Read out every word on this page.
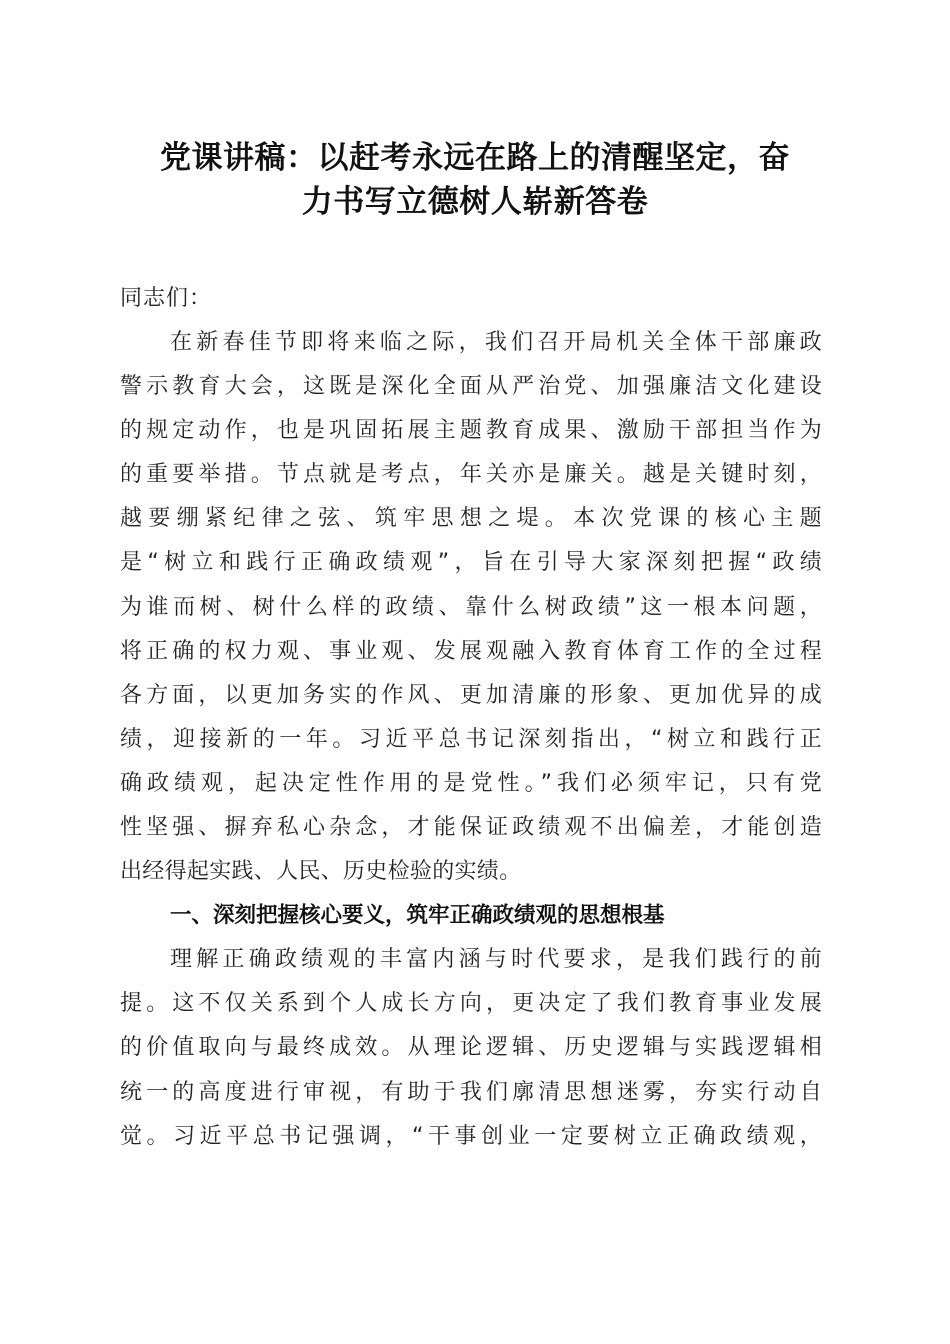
党课讲稿：以赶考永远在路上的清醒坚定，奋
力书写立德树人崭新答卷

同志们：

在新春佳节即将来临之际，我们召开局机关全体干部廉政
警示教育大会，这既是深化全面从严治党、加强廉洁文化建设
的规定动作，也是巩固拓展主题教育成果、激励干部担当作为
的重要举措。节点就是考点，年关亦是廉关。越是关键时刻，
越要绷紧纪律之弦、筑牢思想之堤。本次党课的核心主题
是“树立和践行正确政绩观”，旨在引导大家深刻把握“政绩
为谁而树、树什么样的政绩、靠什么树政绩”这一根本问题，
将正确的权力观、事业观、发展观融入教育体育工作的全过程
各方面，以更加务实的作风、更加清廉的形象、更加优异的成
绩，迎接新的一年。习近平总书记深刻指出，“树立和践行正
确政绩观，起决定性作用的是党性。”我们必须牢记，只有党
性坚强、摒弃私心杂念，才能保证政绩观不出偏差，才能创造
出经得起实践、人民、历史检验的实绩。

一、深刻把握核心要义，筑牢正确政绩观的思想根基

理解正确政绩观的丰富内涵与时代要求，是我们践行的前
提。这不仅关系到个人成长方向，更决定了我们教育事业发展
的价值取向与最终成效。从理论逻辑、历史逻辑与实践逻辑相
统一的高度进行审视，有助于我们廓清思想迷雾，夯实行动自
觉。习近平总书记强调，“干事创业一定要树立正确政绩观，
